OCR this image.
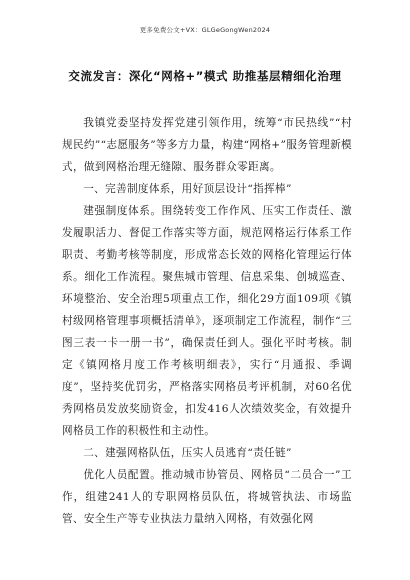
更多免费公文+VX：GLGeGongWen2024
交流发言：深化“网格+”模式 助推基层精细化治理

我镇党委坚持发挥党建引领作用，统筹“市民热线”“村规民约”“志愿服务”等多方力量，构建“网格+”服务管理新模式，做到网格治理无缝隙、服务群众零距离。

一、完善制度体系，用好顶层设计“指挥棒”

建强制度体系。围绕转变工作作风、压实工作责任、激发履职活力、督促工作落实等方面，规范网格运行体系工作职责、考勤考核等制度，形成常态长效的网格化管理运行体系。细化工作流程。聚焦城市管理、信息采集、创城巡查、环境整治、安全治理5项重点工作，细化29方面109项《镇村级网格管理事项概括清单》，逐项制定工作流程，制作“三图三表一卡一册一书”，确保责任到人。强化平时考核。制定《镇网格月度工作考核明细表》，实行“月通报、季调度”，坚持奖优罚劣，严格落实网格员考评机制，对60名优秀网格员发放奖励资金，扣发416人次绩效奖金，有效提升网格员工作的积极性和主动性。

二、建强网格队伍，压实人员逃育“责任链”

优化人员配置。推动城市协管员、网格员“二员合一”工作，组建241人的专职网格员队伍，将城管执法、市场监管、安全生产等专业执法力量纳入网格，有效强化网
